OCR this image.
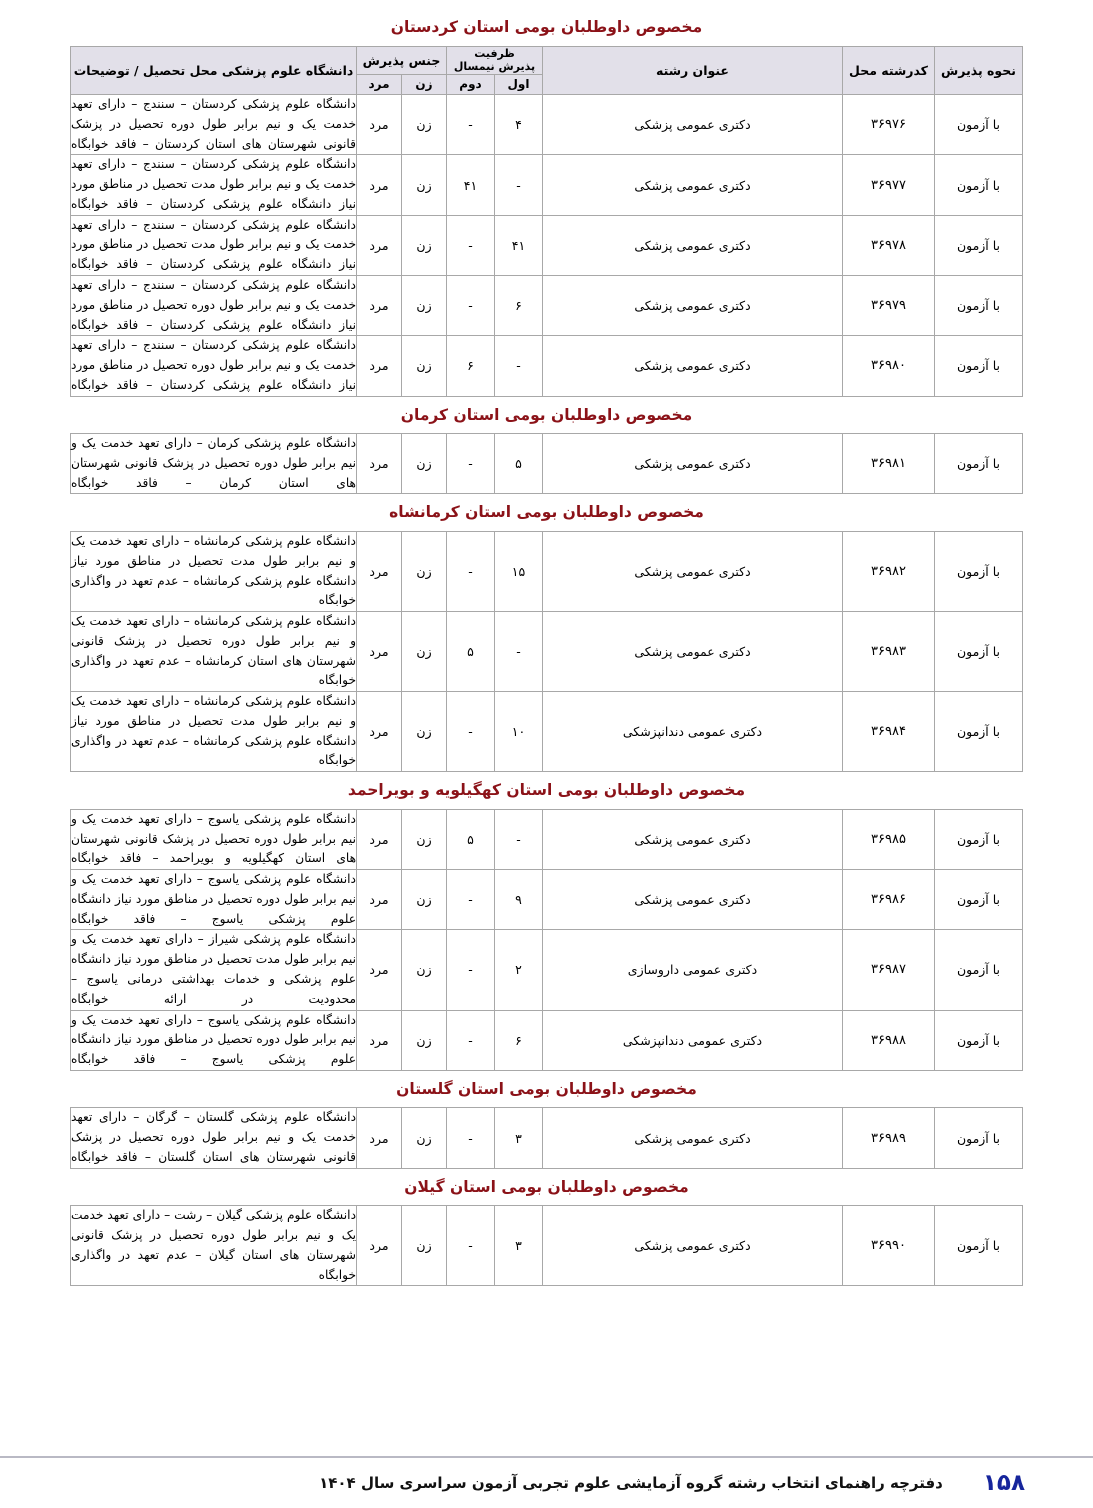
مخصوص داوطلبان بومی استان کردستان
نحوه پذیرش	کدرشته محل	عنوان رشته	ظرفیت
پذیرش نیمسال		جنس پذیرش		دانشگاه علوم پزشکی محل تحصیل / توضیحات
			اول	دوم	زن	مرد	
با آزمون	۳۶۹۷۶	دکتری عمومی پزشکی	۴	-	زن	مرد	دانشگاه علوم پزشکی کردستان – سنندج – دارای تعهد خدمت یک و نیم برابر طول دوره تحصیل در پزشک قانونی شهرستان های استان کردستان – فاقد خوابگاه
با آزمون	۳۶۹۷۷	دکتری عمومی پزشکی	-	۴۱	زن	مرد	دانشگاه علوم پزشکی کردستان – سنندج – دارای تعهد خدمت یک و نیم برابر طول مدت تحصیل در مناطق مورد نیاز دانشگاه علوم پزشکی کردستان – فاقد خوابگاه
با آزمون	۳۶۹۷۸	دکتری عمومی پزشکی	۴۱	-	زن	مرد	دانشگاه علوم پزشکی کردستان – سنندج – دارای تعهد خدمت یک و نیم برابر طول مدت تحصیل در مناطق مورد نیاز دانشگاه علوم پزشکی کردستان – فاقد خوابگاه
با آزمون	۳۶۹۷۹	دکتری عمومی پزشکی	۶	-	زن	مرد	دانشگاه علوم پزشکی کردستان – سنندج – دارای تعهد خدمت یک و نیم برابر طول دوره تحصیل در مناطق مورد نیاز دانشگاه علوم پزشکی کردستان – فاقد خوابگاه
با آزمون	۳۶۹۸۰	دکتری عمومی پزشکی	-	۶	زن	مرد	دانشگاه علوم پزشکی کردستان – سنندج – دارای تعهد خدمت یک و نیم برابر طول دوره تحصیل در مناطق مورد نیاز دانشگاه علوم پزشکی کردستان – فاقد خوابگاه
مخصوص داوطلبان بومی استان کرمان
با آزمون	۳۶۹۸۱	دکتری عمومی پزشکی	۵	-	زن	مرد	دانشگاه علوم پزشکی کرمان – دارای تعهد خدمت یک و نیم برابر طول دوره تحصیل در پزشک قانونی شهرستان های استان کرمان – فاقد خوابگاه
مخصوص داوطلبان بومی استان کرمانشاه
با آزمون	۳۶۹۸۲	دکتری عمومی پزشکی	۱۵	-	زن	مرد	دانشگاه علوم پزشکی کرمانشاه – دارای تعهد خدمت یک و نیم برابر طول مدت تحصیل در مناطق مورد نیاز دانشگاه علوم پزشکی کرمانشاه – عدم تعهد در واگذاری خوابگاه
با آزمون	۳۶۹۸۳	دکتری عمومی پزشکی	-	۵	زن	مرد	دانشگاه علوم پزشکی کرمانشاه – دارای تعهد خدمت یک و نیم برابر طول دوره تحصیل در پزشک قانونی شهرستان های استان کرمانشاه – عدم تعهد در واگذاری خوابگاه
با آزمون	۳۶۹۸۴	دکتری عمومی دندانپزشکی	۱۰	-	زن	مرد	دانشگاه علوم پزشکی کرمانشاه – دارای تعهد خدمت یک و نیم برابر طول مدت تحصیل در مناطق مورد نیاز دانشگاه علوم پزشکی کرمانشاه – عدم تعهد در واگذاری خوابگاه
مخصوص داوطلبان بومی استان کهگیلویه و بویراحمد
با آزمون	۳۶۹۸۵	دکتری عمومی پزشکی	-	۵	زن	مرد	دانشگاه علوم پزشکی یاسوج – دارای تعهد خدمت یک و نیم برابر طول دوره تحصیل در پزشک قانونی شهرستان های استان کهگیلویه و بویراحمد – فاقد خوابگاه
با آزمون	۳۶۹۸۶	دکتری عمومی پزشکی	۹	-	زن	مرد	دانشگاه علوم پزشکی یاسوج – دارای تعهد خدمت یک و نیم برابر طول دوره تحصیل در مناطق مورد نیاز دانشگاه علوم پزشکی یاسوج – فاقد خوابگاه
با آزمون	۳۶۹۸۷	دکتری عمومی داروسازی	۲	-	زن	مرد	دانشگاه علوم پزشکی شیراز – دارای تعهد خدمت یک و نیم برابر طول مدت تحصیل در مناطق مورد نیاز دانشگاه علوم پزشکی و خدمات بهداشتی درمانی یاسوج – محدودیت در ارائه خوابگاه
با آزمون	۳۶۹۸۸	دکتری عمومی دندانپزشکی	۶	-	زن	مرد	دانشگاه علوم پزشکی یاسوج – دارای تعهد خدمت یک و نیم برابر طول دوره تحصیل در مناطق مورد نیاز دانشگاه علوم پزشکی یاسوج – فاقد خوابگاه
مخصوص داوطلبان بومی استان گلستان
با آزمون	۳۶۹۸۹	دکتری عمومی پزشکی	۳	-	زن	مرد	دانشگاه علوم پزشکی گلستان – گرگان – دارای تعهد خدمت یک و نیم برابر طول دوره تحصیل در پزشک قانونی شهرستان های استان گلستان – فاقد خوابگاه
مخصوص داوطلبان بومی استان گیلان
با آزمون	۳۶۹۹۰	دکتری عمومی پزشکی	۳	-	زن	مرد	دانشگاه علوم پزشکی گیلان – رشت – دارای تعهد خدمت یک و نیم برابر طول دوره تحصیل در پزشک قانونی شهرستان های استان گیلان – عدم تعهد در واگذاری خوابگاه
۱۵۸
دفترچه راهنمای انتخاب رشته گروه آزمایشی علوم تجربی آزمون سراسری سال ۱۴۰۴
